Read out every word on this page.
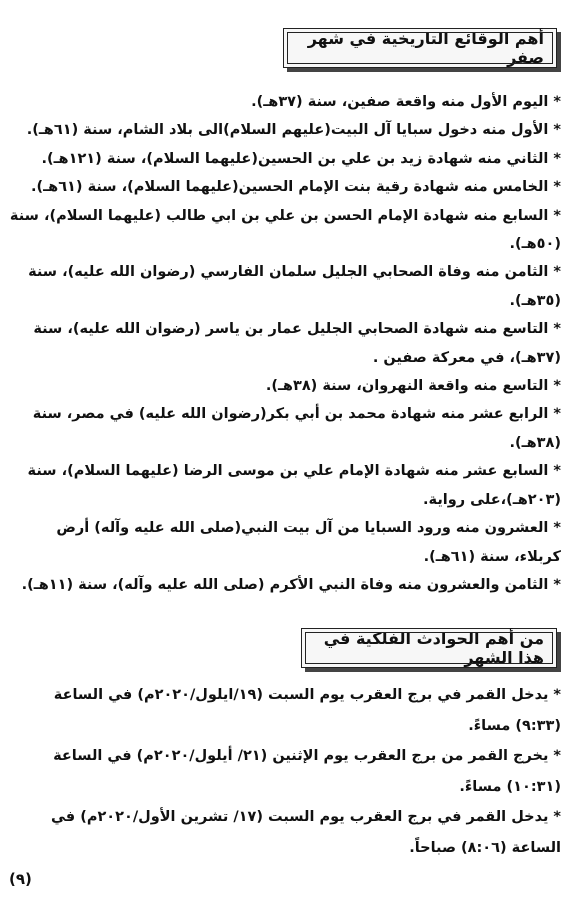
أهم الوقائع التاريخية في شهر صفر
*اليوم الأول منه واقعة صفين، سنة (٣٧هـ).
*الأول منه دخول سبايا آل البيت(عليهم السلام)الى بلاد الشام، سنة (٦١هـ).
*الثاني منه شهادة زيد بن علي بن الحسين(عليهما السلام)، سنة (١٢١هـ).
*الخامس منه شهادة رقية بنت الإمام الحسين(عليهما السلام)، سنة (٦١هـ).
*السابع منه شهادة الإمام الحسن بن علي بن ابي طالب (عليهما السلام)، سنة (٥٠هـ).
*الثامن منه وفاة الصحابي الجليل سلمان الفارسي (رضوان الله عليه)، سنة (٣٥هـ).
*التاسع منه شهادة الصحابي الجليل عمار بن ياسر (رضوان الله عليه)، سنة (٣٧هـ)، في معركة صفين .
*التاسع منه واقعة النهروان، سنة (٣٨هـ).
*الرابع عشر منه شهادة محمد بن أبي بكر(رضوان الله عليه) في مصر، سنة (٣٨هـ).
*السابع عشر منه شهادة الإمام علي بن موسى الرضا (عليهما السلام)، سنة (٢٠٣هـ)،على رواية.
*العشرون منه ورود السبايا من آل بيت النبي(صلى الله عليه وآله) أرض كربلاء، سنة (٦١هـ).
*الثامن والعشرون منه وفاة النبي الأكرم (صلى الله عليه وآله)، سنة (١١هـ).
من أهم الحوادث الفلكية في هذا الشهر
*يدخل القمر في برج العقرب يوم السبت (١٩/ايلول/٢٠٢٠م) في الساعة (٩:٣٣) مساءً.
*يخرج القمر من برج العقرب يوم الإثنين (٢١/ أيلول/٢٠٢٠م) في الساعة (١٠:٣١) مساءً.
*يدخل القمر في برج العقرب يوم السبت (١٧/ تشرين الأول/٢٠٢٠م) في الساعة (٨:٠٦) صباحاً.
(٩)
